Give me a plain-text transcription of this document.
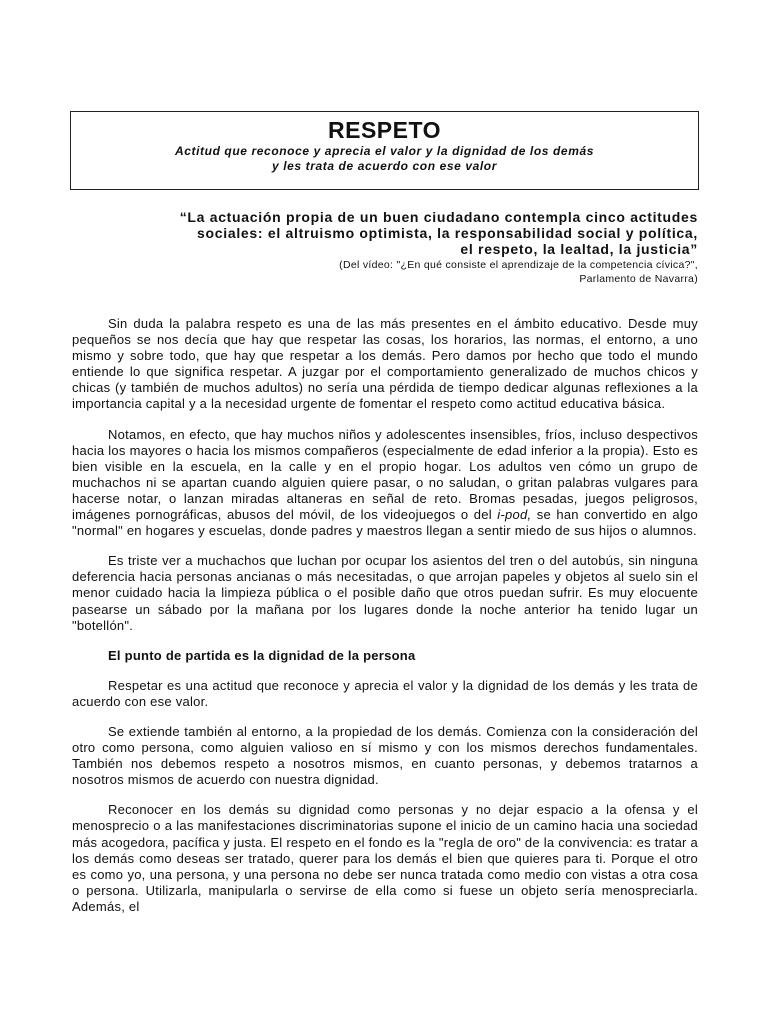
RESPETO
Actitud que reconoce y aprecia el valor y la dignidad de los demás
y les trata de acuerdo con ese valor
“La actuación propia de un buen ciudadano contempla cinco actitudes
sociales: el altruismo optimista, la responsabilidad social y política,
el respeto, la lealtad, la justicia”
(Del vídeo: "¿En qué consiste el aprendizaje de la competencia cívica?",
Parlamento de Navarra)

Sin duda la palabra respeto es una de las más presentes en el ámbito educativo. Desde muy pequeños se nos decía que hay que respetar las cosas, los horarios, las normas, el entorno, a uno mismo y sobre todo, que hay que respetar a los demás. Pero damos por hecho que todo el mundo entiende lo que significa respetar. A juzgar por el comportamiento generalizado de muchos chicos y chicas (y también de muchos adultos) no sería una pérdida de tiempo dedicar algunas reflexiones a la importancia capital y a la necesidad urgente de fomentar el respeto como actitud educativa básica.

Notamos, en efecto, que hay muchos niños y adolescentes insensibles, fríos, incluso despectivos hacia los mayores o hacia los mismos compañeros (especialmente de edad inferior a la propia). Esto es bien visible en la escuela, en la calle y en el propio hogar. Los adultos ven cómo un grupo de muchachos ni se apartan cuando alguien quiere pasar, o no saludan, o gritan palabras vulgares para hacerse notar, o lanzan miradas altaneras en señal de reto. Bromas pesadas, juegos peligrosos, imágenes pornográficas, abusos del móvil, de los videojuegos o del i-pod, se han convertido en algo "normal" en hogares y escuelas, donde padres y maestros llegan a sentir miedo de sus hijos o alumnos.

Es triste ver a muchachos que luchan por ocupar los asientos del tren o del autobús, sin ninguna deferencia hacia personas ancianas o más necesitadas, o que arrojan papeles y objetos al suelo sin el menor cuidado hacia la limpieza pública o el posible daño que otros puedan sufrir. Es muy elocuente pasearse un sábado por la mañana por los lugares donde la noche anterior ha tenido lugar un "botellón".

El punto de partida es la dignidad de la persona

Respetar es una actitud que reconoce y aprecia el valor y la dignidad de los demás y les trata de acuerdo con ese valor.

Se extiende también al entorno, a la propiedad de los demás. Comienza con la consideración del otro como persona, como alguien valioso en sí mismo y con los mismos derechos fundamentales. También nos debemos respeto a nosotros mismos, en cuanto personas, y debemos tratarnos a nosotros mismos de acuerdo con nuestra dignidad.

Reconocer en los demás su dignidad como personas y no dejar espacio a la ofensa y el menosprecio o a las manifestaciones discriminatorias supone el inicio de un camino hacia una sociedad más acogedora, pacífica y justa. El respeto en el fondo es la "regla de oro" de la convivencia: es tratar a los demás como deseas ser tratado, querer para los demás el bien que quieres para ti. Porque el otro es como yo, una persona, y una persona no debe ser nunca tratada como medio con vistas a otra cosa o persona. Utilizarla, manipularla o servirse de ella como si fuese un objeto sería menospreciarla. Además, el
